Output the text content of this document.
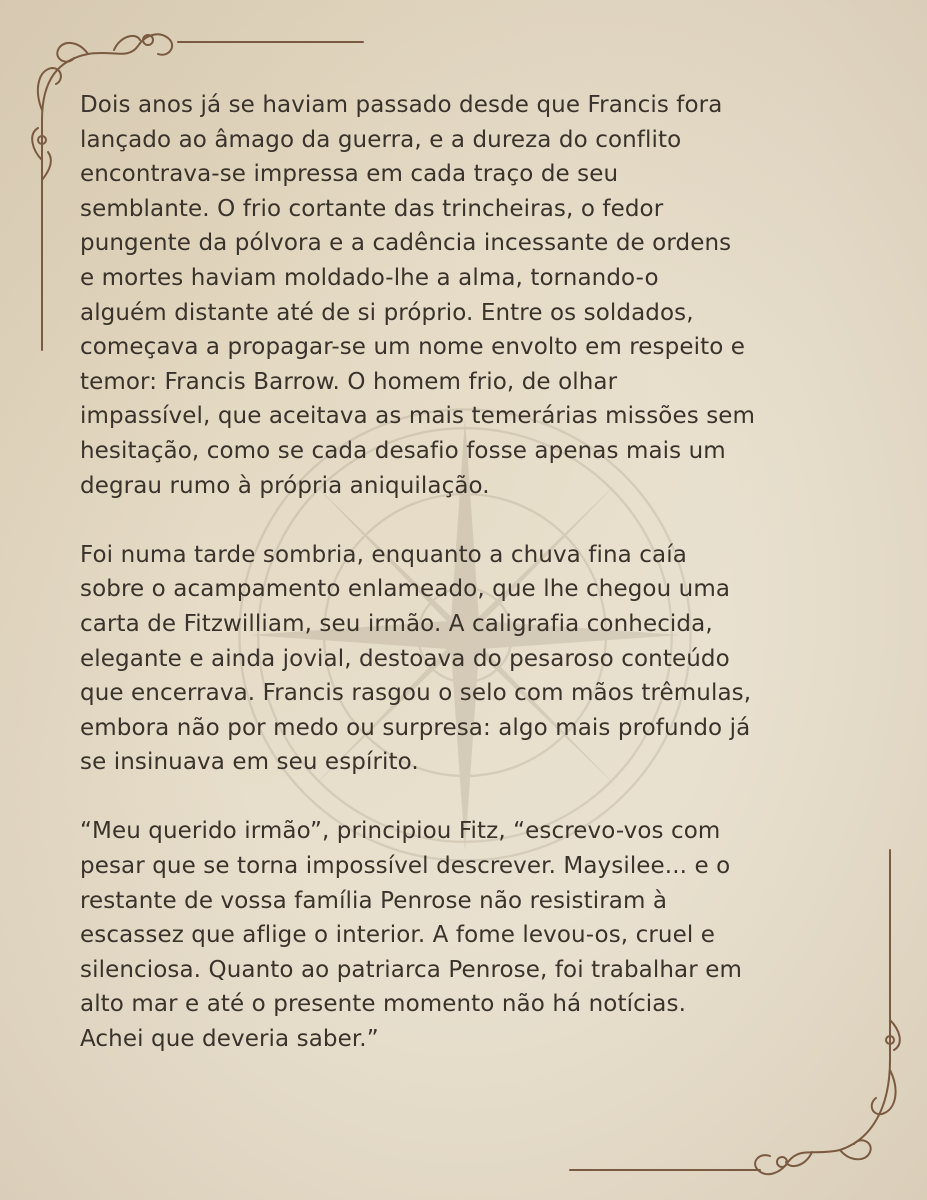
Dois anos já se haviam passado desde que Francis fora
lançado ao âmago da guerra, e a dureza do conflito
encontrava-se impressa em cada traço de seu
semblante. O frio cortante das trincheiras, o fedor
pungente da pólvora e a cadência incessante de ordens
e mortes haviam moldado-lhe a alma, tornando-o
alguém distante até de si próprio. Entre os soldados,
começava a propagar-se um nome envolto em respeito e
temor: Francis Barrow. O homem frio, de olhar
impassível, que aceitava as mais temerárias missões sem
hesitação, como se cada desafio fosse apenas mais um
degrau rumo à própria aniquilação.

Foi numa tarde sombria, enquanto a chuva fina caía
sobre o acampamento enlameado, que lhe chegou uma
carta de Fitzwilliam, seu irmão. A caligrafia conhecida,
elegante e ainda jovial, destoava do pesaroso conteúdo
que encerrava. Francis rasgou o selo com mãos trêmulas,
embora não por medo ou surpresa: algo mais profundo já
se insinuava em seu espírito.

“Meu querido irmão”, principiou Fitz, “escrevo-vos com
pesar que se torna impossível descrever. Maysilee... e o
restante de vossa família Penrose não resistiram à
escassez que aflige o interior. A fome levou-os, cruel e
silenciosa. Quanto ao patriarca Penrose, foi trabalhar em
alto mar e até o presente momento não há notícias.
Achei que deveria saber.”
